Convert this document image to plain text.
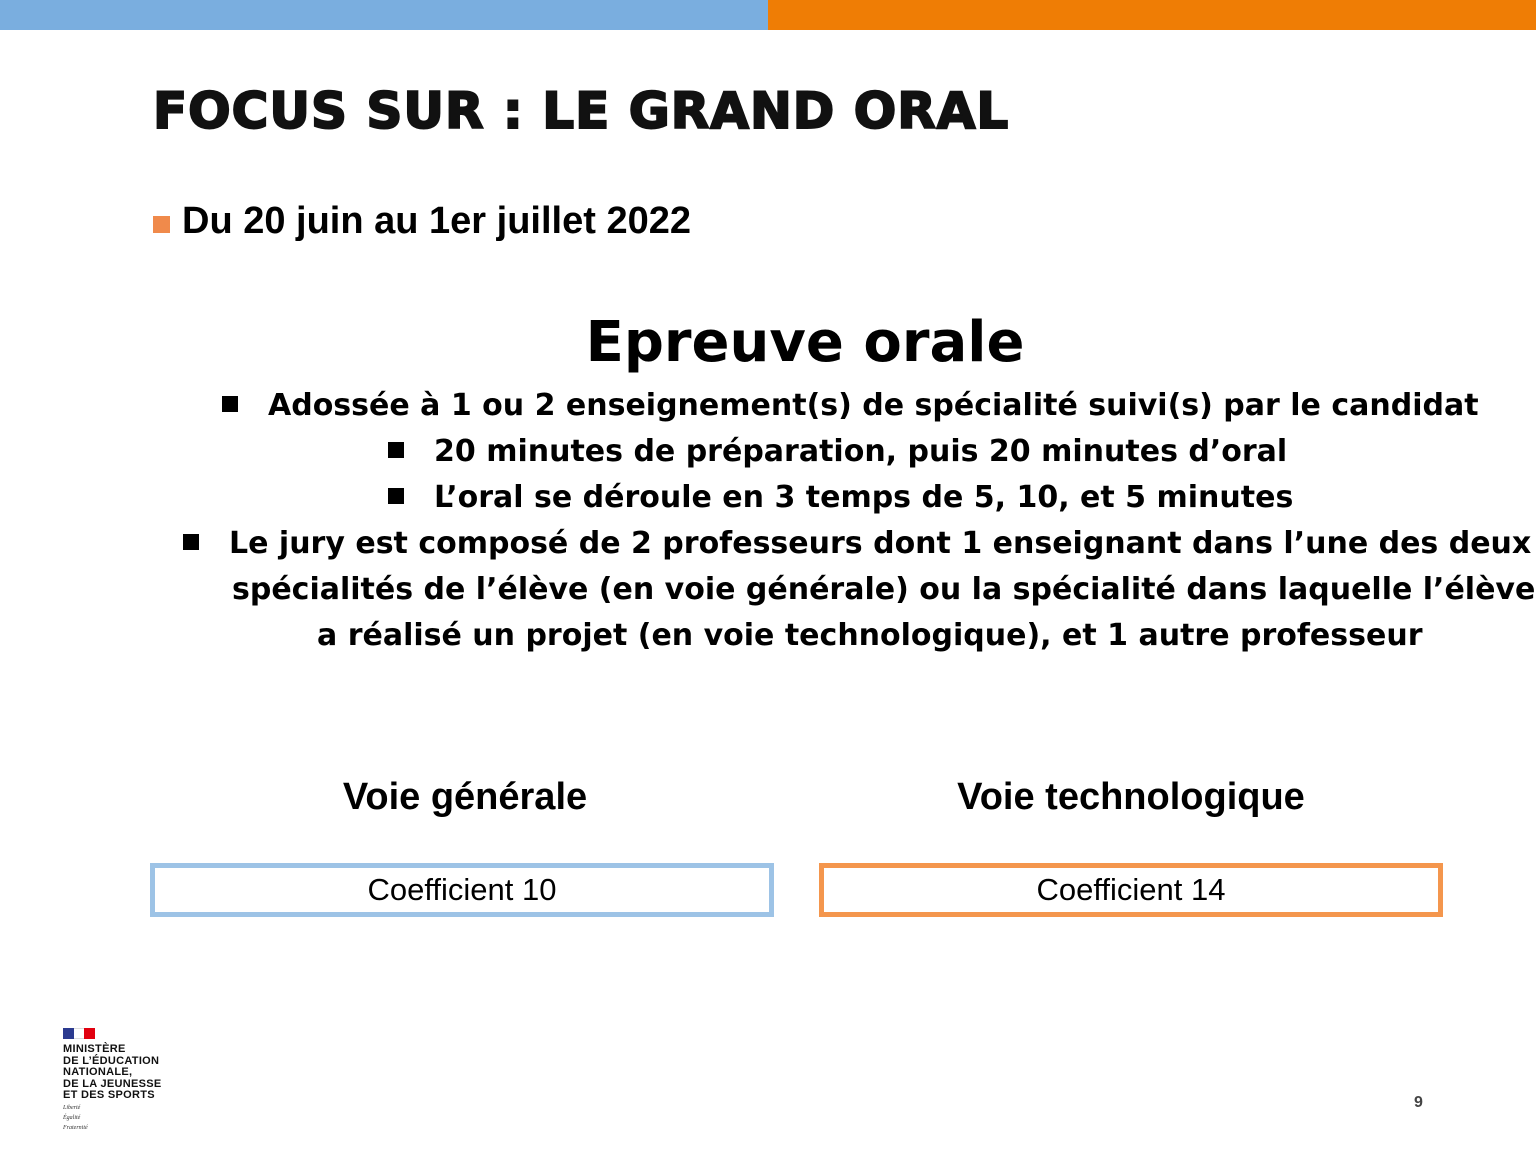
FOCUS SUR : LE GRAND ORAL
Du 20 juin au 1er juillet 2022
Epreuve orale
Adossée à 1 ou 2 enseignement(s) de spécialité suivi(s) par le candidat
20 minutes de préparation, puis 20 minutes d’oral
L’oral se déroule en 3 temps de 5, 10, et 5 minutes
Le jury est composé de 2 professeurs dont 1 enseignant dans l’une des deux
spécialités de l’élève (en voie générale) ou la spécialité dans laquelle l’élève
a réalisé un projet (en voie technologique), et 1 autre professeur
Voie générale	Voie technologique
Coefficient 10	Coefficient 14
MINISTÈRE
DE L’ÉDUCATION
NATIONALE,
DE LA JEUNESSE
ET DES SPORTS
Liberté
Égalité
Fraternité
9
